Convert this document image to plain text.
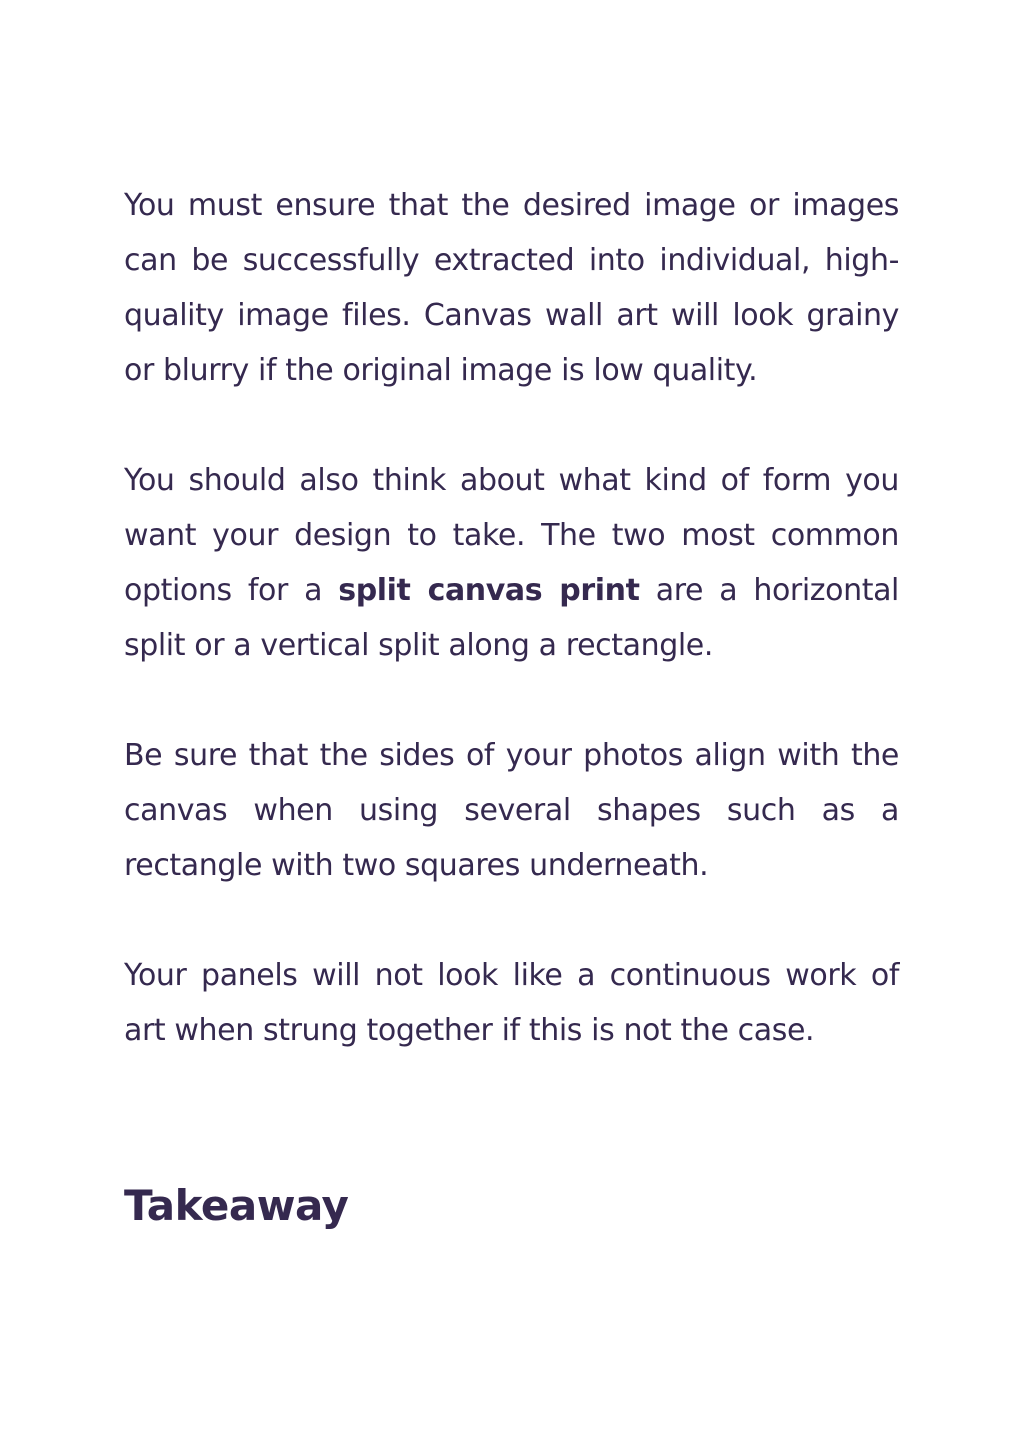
You must ensure that the desired image or images can be successfully extracted into individual, high-quality image files. Canvas wall art will look grainy or blurry if the original image is low quality.

You should also think about what kind of form you want your design to take. The two most common options for a split canvas print are a horizontal split or a vertical split along a rectangle.

Be sure that the sides of your photos align with the canvas when using several shapes such as a rectangle with two squares underneath.

Your panels will not look like a continuous work of art when strung together if this is not the case.

Takeaway
